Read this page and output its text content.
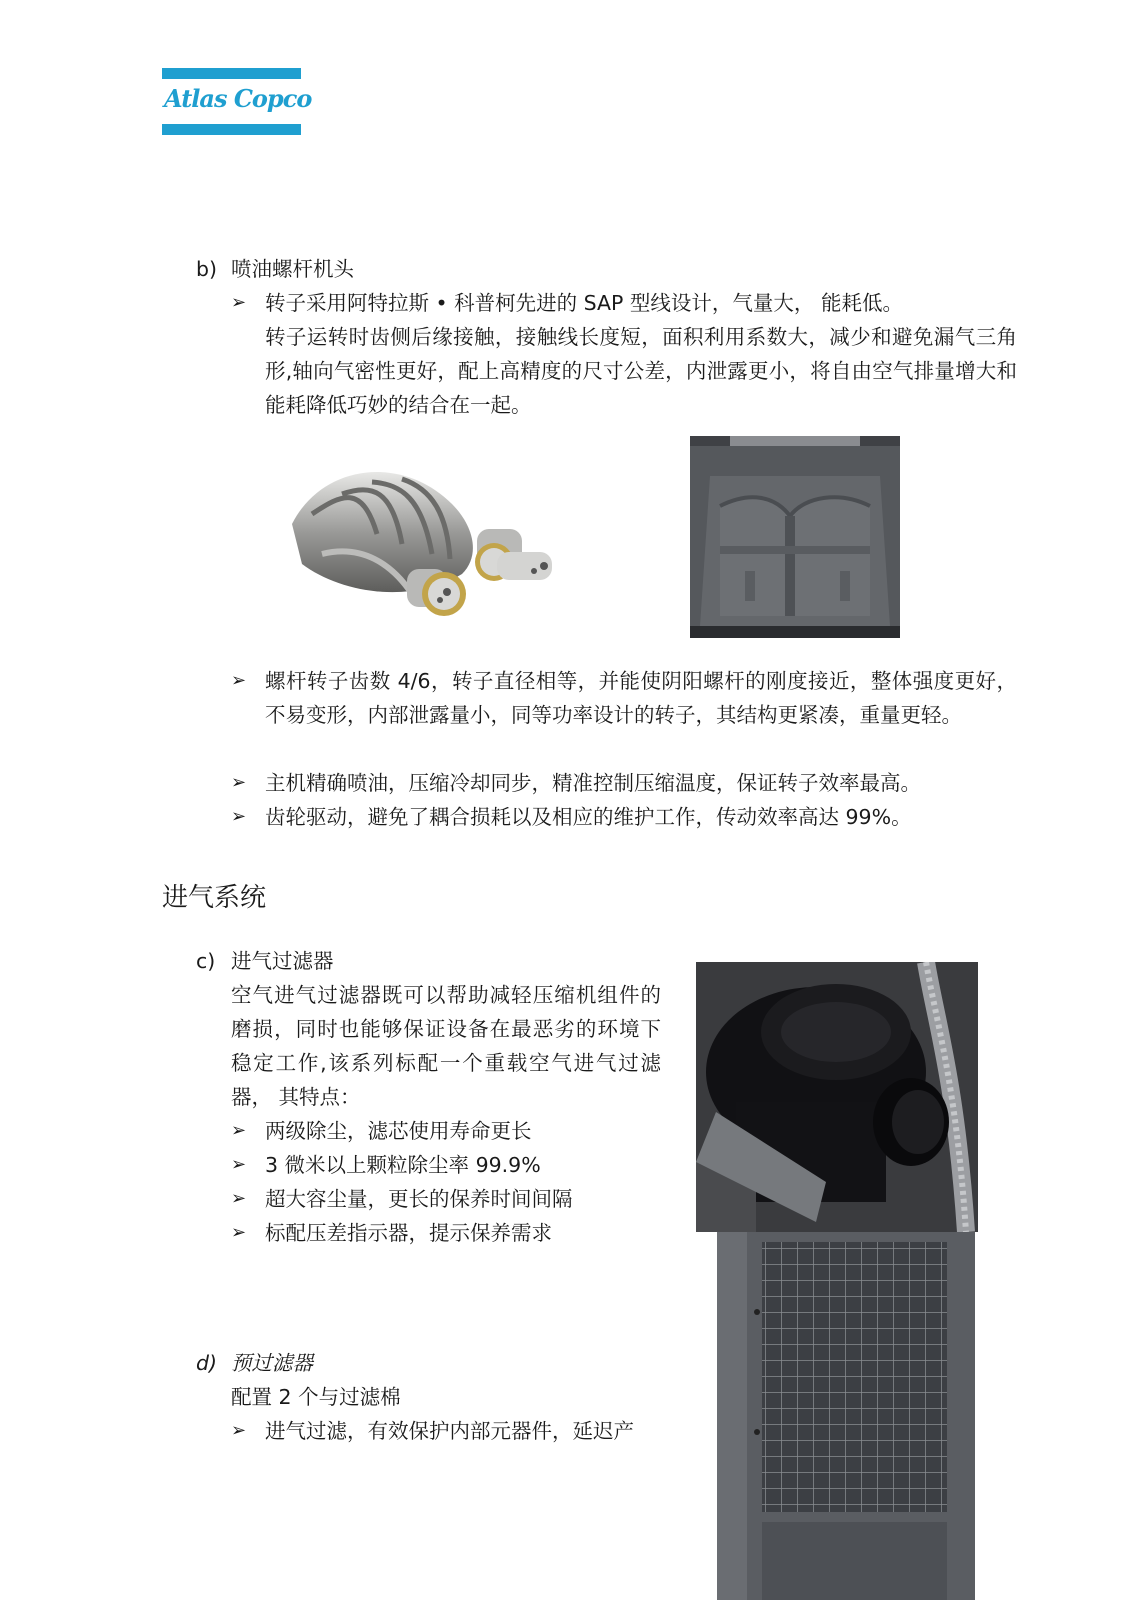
Atlas Copco
b) 喷油螺杆机头
➢ 转子采用阿特拉斯 • 科普柯先进的 SAP 型线设计，气量大， 能耗低。
转子运转时齿侧后缘接触，接触线长度短，面积利用系数大，减少和避免漏气三角形,轴向气密性更好，配上高精度的尺寸公差，内泄露更小，将自由空气排量增大和能耗降低巧妙的结合在一起。
➢ 螺杆转子齿数 4/6，转子直径相等，并能使阴阳螺杆的刚度接近，整体强度更好，不易变形，内部泄露量小，同等功率设计的转子，其结构更紧凑，重量更轻。
➢ 主机精确喷油，压缩冷却同步，精准控制压缩温度，保证转子效率最高。
➢ 齿轮驱动，避免了耦合损耗以及相应的维护工作，传动效率高达 99%。
进气系统
c) 进气过滤器
空气进气过滤器既可以帮助减轻压缩机组件的磨损，同时也能够保证设备在最恶劣的环境下稳定工作,该系列标配一个重载空气进气过滤器， 其特点：
➢ 两级除尘，滤芯使用寿命更长
➢ 3 微米以上颗粒除尘率 99.9%
➢ 超大容尘量，更长的保养时间间隔
➢ 标配压差指示器，提示保养需求
d) 预过滤器
配置 2 个与过滤棉
➢ 进气过滤，有效保护内部元器件，延迟产
